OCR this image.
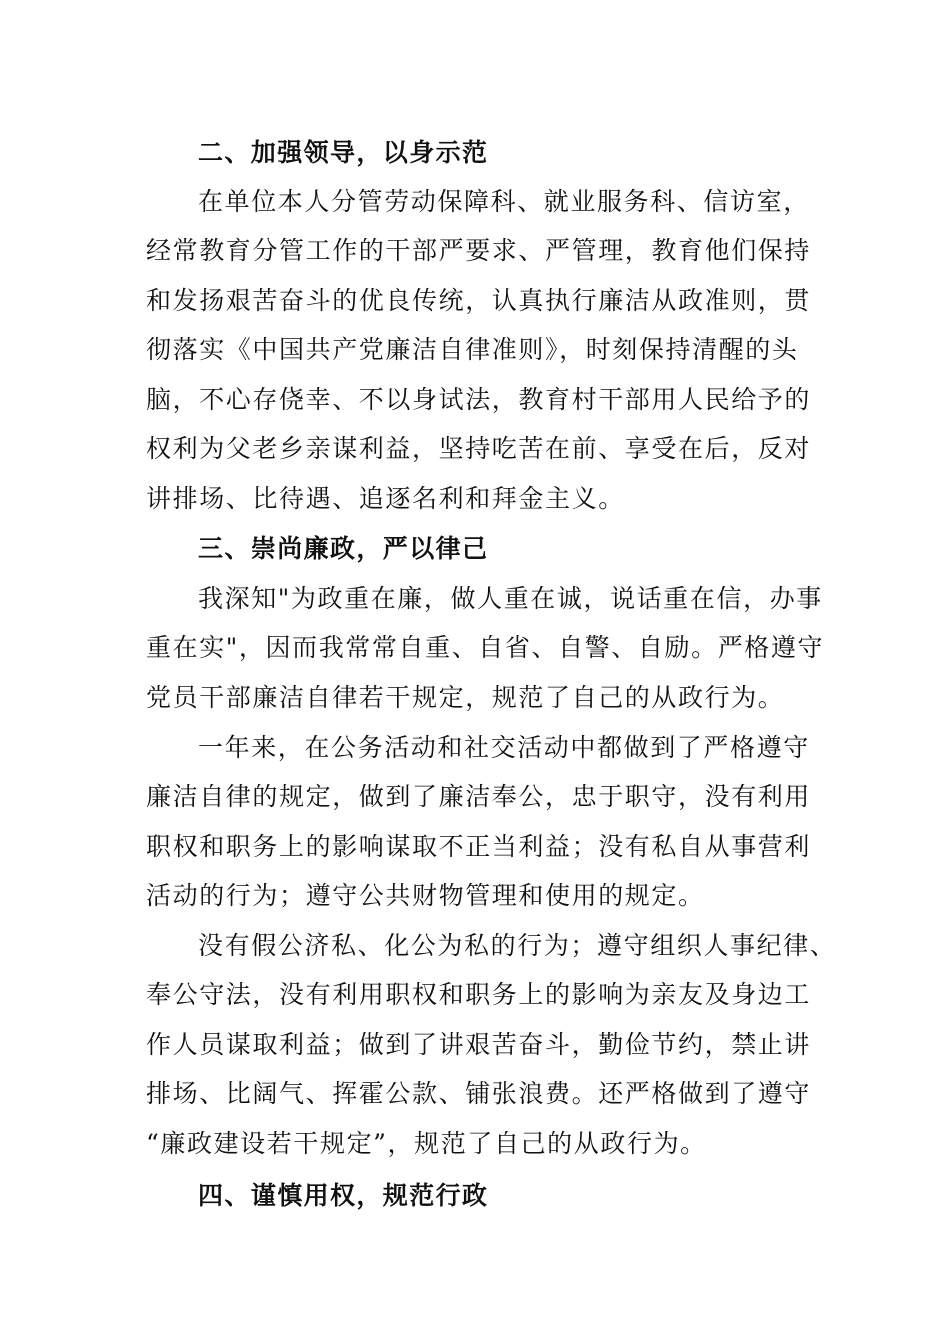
二、加强领导，以身示范
在单位本人分管劳动保障科、就业服务科、信访室，
经常教育分管工作的干部严要求、严管理，教育他们保持
和发扬艰苦奋斗的优良传统，认真执行廉洁从政准则，贯
彻落实《中国共产党廉洁自律准则》，时刻保持清醒的头
脑，不心存侥幸、不以身试法，教育村干部用人民给予的
权利为父老乡亲谋利益，坚持吃苦在前、享受在后，反对
讲排场、比待遇、追逐名利和拜金主义。
三、崇尚廉政，严以律己
我深知"为政重在廉，做人重在诚，说话重在信，办事
重在实"，因而我常常自重、自省、自警、自励。严格遵守
党员干部廉洁自律若干规定，规范了自己的从政行为。
一年来，在公务活动和社交活动中都做到了严格遵守
廉洁自律的规定，做到了廉洁奉公，忠于职守，没有利用
职权和职务上的影响谋取不正当利益；没有私自从事营利
活动的行为；遵守公共财物管理和使用的规定。
没有假公济私、化公为私的行为；遵守组织人事纪律、
奉公守法，没有利用职权和职务上的影响为亲友及身边工
作人员谋取利益；做到了讲艰苦奋斗，勤俭节约，禁止讲
排场、比阔气、挥霍公款、铺张浪费。还严格做到了遵守
“廉政建设若干规定”，规范了自己的从政行为。
四、谨慎用权，规范行政
